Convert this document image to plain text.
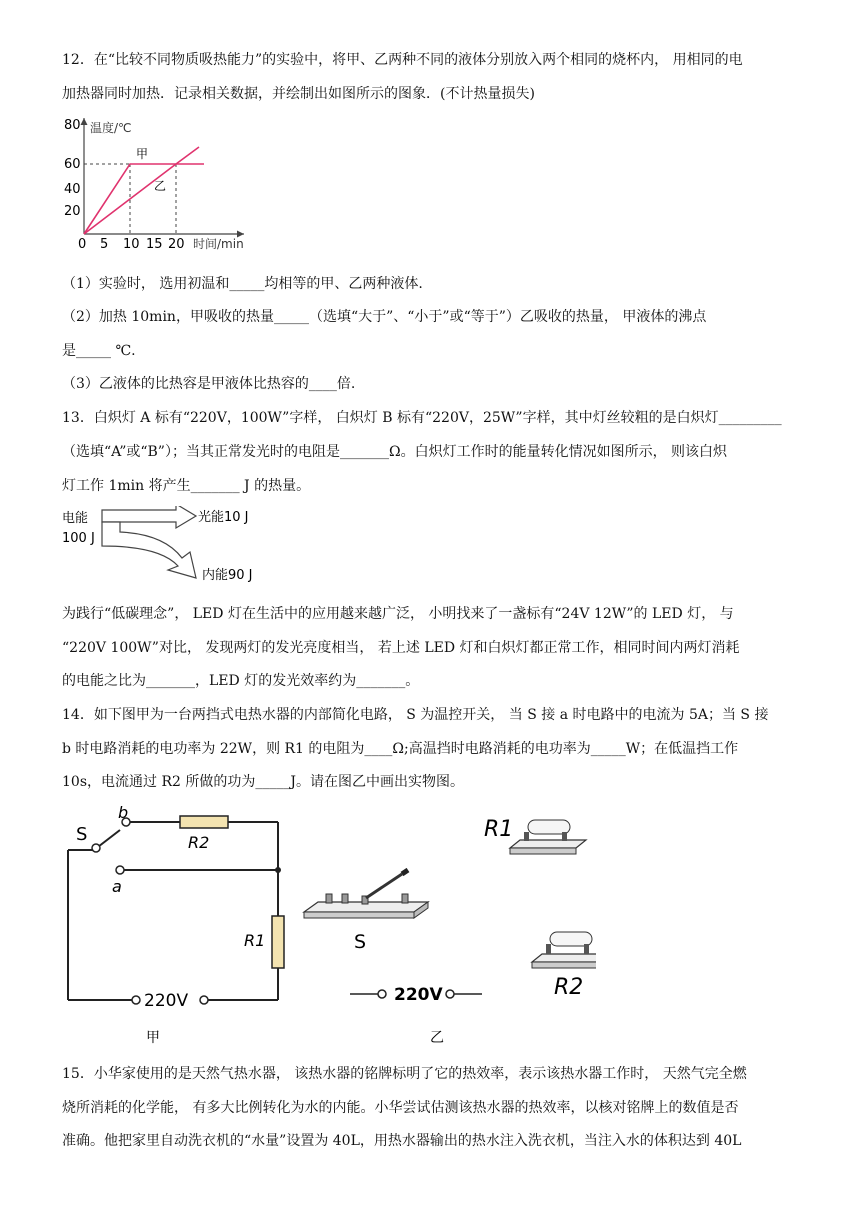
12．在“比较不同物质吸热能力”的实验中，将甲、乙两种不同的液体分别放入两个相同的烧杯内， 用相同的电
加热器同时加热．记录相关数据，并绘制出如图所示的图象．(不计热量损失)
温度/℃
时间/min
80
60
40
20
0 5 10 15 20
甲
乙
（1）实验时， 选用初温和_____均相等的甲、乙两种液体.
（2）加热 10min，甲吸收的热量_____（选填“大于”、“小于”或“等于”）乙吸收的热量， 甲液体的沸点
是_____ ℃.
（3）乙液体的比热容是甲液体比热容的____倍.
13．白炽灯 A 标有“220V，100W”字样， 白炽灯 B 标有“220V，25W”字样，其中灯丝较粗的是白炽灯_________
（选填“A”或“B”）；当其正常发光时的电阻是_______Ω。白炽灯工作时的能量转化情况如图所示， 则该白炽
灯工作 1min 将产生_______ J 的热量。
电能
100 J
光能10 J
内能90 J
为践行“低碳理念”， LED 灯在生活中的应用越来越广泛， 小明找来了一盏标有“24V 12W”的 LED 灯， 与
“220V 100W”对比， 发现两灯的发光亮度相当， 若上述 LED 灯和白炽灯都正常工作，相同时间内两灯消耗
的电能之比为_______，LED 灯的发光效率约为_______。
14．如下图甲为一台两挡式电热水器的内部简化电路， S 为温控开关， 当 S 接 a 时电路中的电流为 5A；当 S 接
b 时电路消耗的电功率为 22W，则 R1 的电阻为____Ω;高温挡时电路消耗的电功率为_____W；在低温挡工作
10s，电流通过 R2 所做的功为_____J。请在图乙中画出实物图。
b
a
S	R2
R1
220V
甲
S
R1
R2
220V
乙
15．小华家使用的是天然气热水器， 该热水器的铭牌标明了它的热效率，表示该热水器工作时， 天然气完全燃
烧所消耗的化学能， 有多大比例转化为水的内能。小华尝试估测该热水器的热效率，以核对铭牌上的数值是否
准确。他把家里自动洗衣机的“水量”设置为 40L，用热水器输出的热水注入洗衣机，当注入水的体积达到 40L
